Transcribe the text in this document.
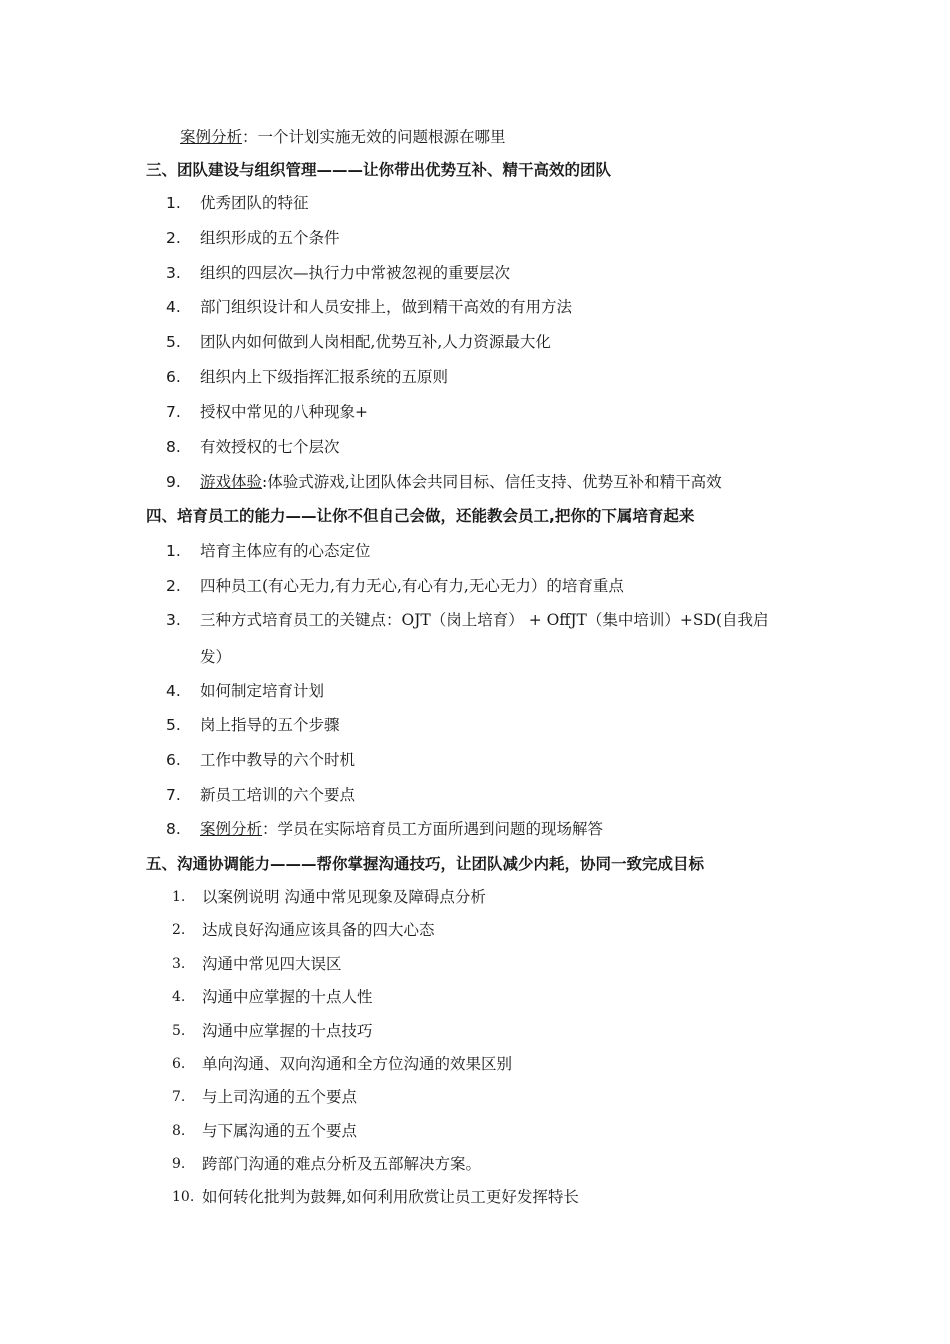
案例分析：一个计划实施无效的问题根源在哪里
三、团队建设与组织管理———让你带出优势互补、精干高效的团队
1. 优秀团队的特征
2. 组织形成的五个条件
3. 组织的四层次—执行力中常被忽视的重要层次
4. 部门组织设计和人员安排上，做到精干高效的有用方法
5. 团队内如何做到人岗相配,优势互补,人力资源最大化
6. 组织内上下级指挥汇报系统的五原则
7. 授权中常见的八种现象+
8. 有效授权的七个层次
9. 游戏体验:体验式游戏,让团队体会共同目标、信任支持、优势互补和精干高效
四、培育员工的能力——让你不但自己会做，还能教会员工,把你的下属培育起来
1. 培育主体应有的心态定位
2. 四种员工(有心无力,有力无心,有心有力,无心无力）的培育重点
3. 三种方式培育员工的关键点：OJT（岗上培育） + OffJT（集中培训）+SD(自我启
发）
4. 如何制定培育计划
5. 岗上指导的五个步骤
6. 工作中教导的六个时机
7. 新员工培训的六个要点
8. 案例分析：学员在实际培育员工方面所遇到问题的现场解答
五、沟通协调能力———帮你掌握沟通技巧，让团队减少内耗，协同一致完成目标
1. 以案例说明 沟通中常见现象及障碍点分析
2. 达成良好沟通应该具备的四大心态
3. 沟通中常见四大误区
4. 沟通中应掌握的十点人性
5. 沟通中应掌握的十点技巧
6. 单向沟通、双向沟通和全方位沟通的效果区别
7. 与上司沟通的五个要点
8. 与下属沟通的五个要点
9. 跨部门沟通的难点分析及五部解决方案。
10. 如何转化批判为鼓舞,如何利用欣赏让员工更好发挥特长
